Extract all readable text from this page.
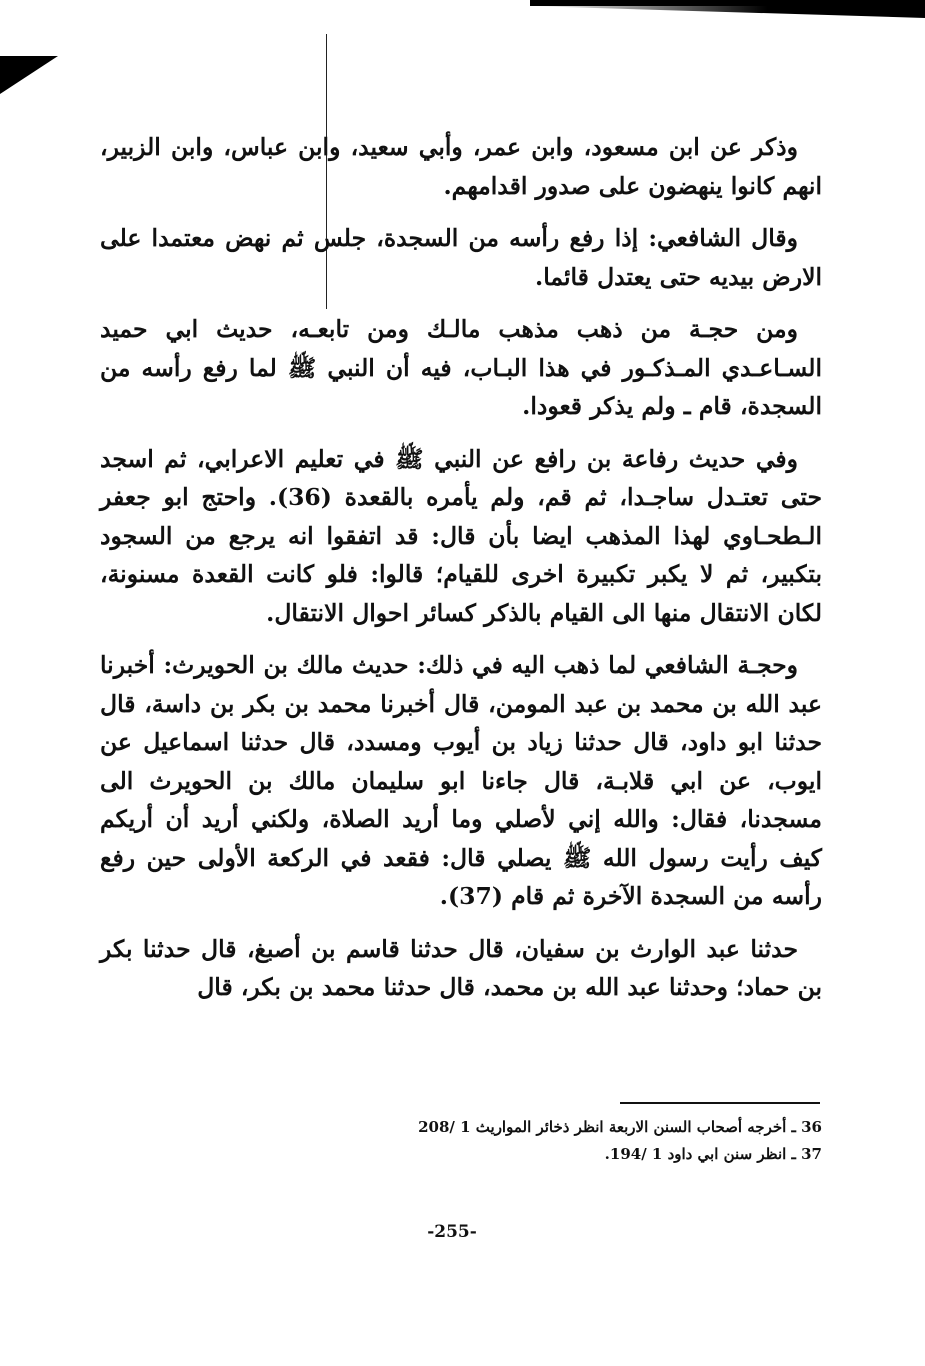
وذكر عن ابن مسعود، وابن عمر، وأبي سعيد، وابن عباس، وابن الزبير، انهم كانوا ينهضون على صدور اقدامهم.

وقال الشافعي: إذا رفع رأسه من السجدة، جلس ثم نهض معتمدا على الارض بيديه حتى يعتدل قائما.

ومن حجـة من ذهب مذهب مالـك ومن تابعـه، حديث ابي حميد السـاعـدي المـذكـور في هذا البـاب، فيه أن النبي ﷺ لما رفع رأسه من السجدة، قام ـ ولم يذكر قعودا.

وفي حديث رفاعة بن رافع عن النبي ﷺ في تعليم الاعرابي، ثم اسجد حتى تعتـدل ساجـدا، ثم قم، ولم يأمره بالقعدة (36). واحتج ابو جعفر الـطحـاوي لهذا المذهب ايضا بأن قال: قد اتفقوا انه يرجع من السجود بتكبير، ثم لا يكبر تكبيرة اخرى للقيام؛ قالوا: فلو كانت القعدة مسنونة، لكان الانتقال منها الى القيام بالذكر كسائر احوال الانتقال.

وحجـة الشافعي لما ذهب اليه في ذلك: حديث مالك بن الحويرث: أخبرنا عبد الله بن محمد بن عبد المومن، قال أخبرنا محمد بن بكر بن داسة، قال حدثنا ابو داود، قال حدثنا زياد بن أيوب ومسدد، قال حدثنا اسماعيل عن ايوب، عن ابي قلابـة، قال جاءنا ابو سليمان مالك بن الحويرث الى مسجدنا، فقال: والله إني لأصلي وما أريد الصلاة، ولكني أريد أن أريكم كيف رأيت رسول الله ﷺ يصلي قال: فقعد في الركعة الأولى حين رفع رأسه من السجدة الآخرة ثم قام (37).

حدثنا عبد الوارث بن سفيان، قال حدثنا قاسم بن أصبغ، قال حدثنا بكر بن حماد؛ وحدثنا عبد الله بن محمد، قال حدثنا محمد بن بكر، قال

36 ـ أخرجه أصحاب السنن الاربعة انظر ذخائر المواريث 1 /208

37 ـ انظر سنن ابي داود 1 /194.

-255-
